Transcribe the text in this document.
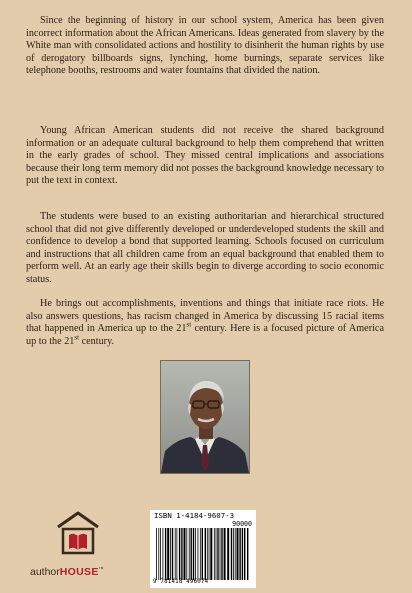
Since the beginning of history in our school system, America has been given incorrect information about the African Americans. Ideas generated from slavery by the White man with consolidated actions and hostility to disinherit the human rights by use of derogatory billboards signs, lynching, home burnings, separate services like telephone booths, restrooms and water fountains that divided the nation.

Young African American students did not receive the shared background information or an adequate cultural background to help them comprehend that written in the early grades of school. They missed central implications and associations because their long term memory did not posses the background knowledge necessary to put the text in context.

The students were bused to an existing authoritarian and hierarchical structured school that did not give differently developed or underdeveloped students the skill and confidence to develop a bond that supported learning. Schools focused on curriculum and instructions that all children came from an equal background that enabled them to perform well. At an early age their skills begin to diverge according to socio economic status.

He brings out accomplishments, inventions and things that initiate race riots. He also answers questions, has racism changed in America by discussing 15 racial items that happened in America up to the 21st century. Here is a focused picture of America up to the 21st century.

authorHOUSE™
ISBN 1-4184-9607-3
90000
9 781418 496074
